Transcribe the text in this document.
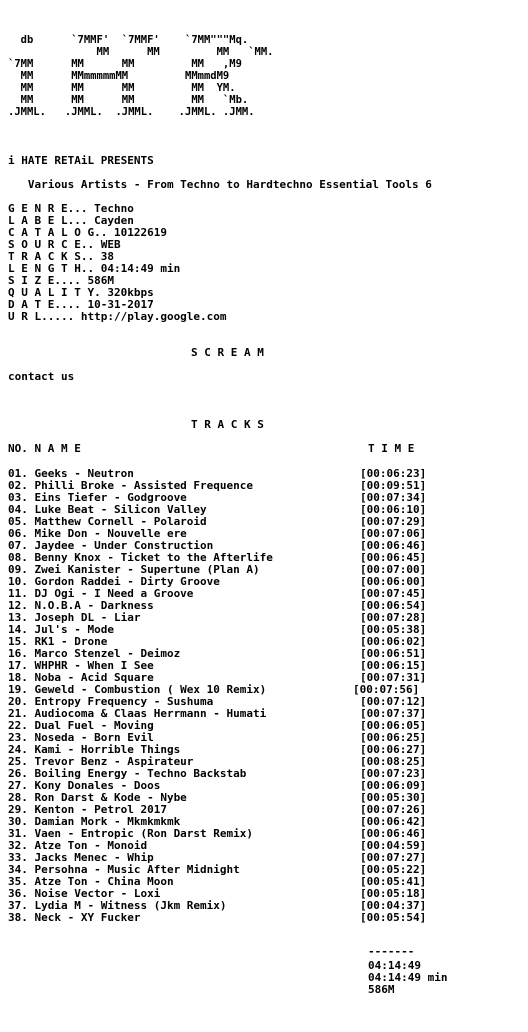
db      `7MMF'  `7MMF'    `7MM"""Mq.
MM      MM         MM   `MM.
`7MM      MM      MM         MM   ,M9
MM      MMmmmmmMM         MMmmdM9
MM      MM      MM         MM  YM.
MM      MM      MM         MM   `Mb.
.JMML.   .JMML.  .JMML.    .JMML. .JMM.
i HATE RETAiL PRESENTS
Various Artists - From Techno to Hardtechno Essential Tools 6
G E N R E... Techno
L A B E L... Cayden
C A T A L O G.. 10122619
S O U R C E.. WEB
T R A C K S.. 38
L E N G T H.. 04:14:49 min
S I Z E.... 586M
Q U A L I T Y. 320kbps
D A T E.... 10-31-2017
U R L..... http://play.google.com
S C R E A M
contact us
T R A C K S
NO. N A M E	T I M E
01. Geeks - Neutron	[00:06:23]
02. Philli Broke - Assisted Frequence	[00:09:51]
03. Eins Tiefer - Godgroove	[00:07:34]
04. Luke Beat - Silicon Valley	[00:06:10]
05. Matthew Cornell - Polaroid	[00:07:29]
06. Mike Don - Nouvelle ere	[00:07:06]
07. Jaydee - Under Construction	[00:06:46]
08. Benny Knox - Ticket to the Afterlife	[00:06:45]
09. Zwei Kanister - Supertune (Plan A)	[00:07:00]
10. Gordon Raddei - Dirty Groove	[00:06:00]
11. DJ Ogi - I Need a Groove	[00:07:45]
12. N.O.B.A - Darkness	[00:06:54]
13. Joseph DL - Liar	[00:07:28]
14. Jul's - Mode	[00:05:38]
15. RK1 - Drone	[00:06:02]
16. Marco Stenzel - Deimoz	[00:06:51]
17. WHPHR - When I See	[00:06:15]
18. Noba - Acid Square	[00:07:31]
19. Geweld - Combustion ( Wex 10 Remix)	[00:07:56]
20. Entropy Frequency - Sushuma	[00:07:12]
21. Audiocoma & Claas Herrmann - Humati	[00:07:37]
22. Dual Fuel - Moving	[00:06:05]
23. Noseda - Born Evil	[00:06:25]
24. Kami - Horrible Things	[00:06:27]
25. Trevor Benz - Aspirateur	[00:08:25]
26. Boiling Energy - Techno Backstab	[00:07:23]
27. Kony Donales - Doos	[00:06:09]
28. Ron Darst & Kode - Nybe	[00:05:30]
29. Kenton - Petrol 2017	[00:07:26]
30. Damian Mork - Mkmkmkmk	[00:06:42]
31. Vaen - Entropic (Ron Darst Remix)	[00:06:46]
32. Atze Ton - Monoid	[00:04:59]
33. Jacks Menec - Whip	[00:07:27]
34. Persohna - Music After Midnight	[00:05:22]
35. Atze Ton - China Moon	[00:05:41]
36. Noise Vector - Loxi	[00:05:18]
37. Lydia M - Witness (Jkm Remix)	[00:04:37]
38. Neck - XY Fucker	[00:05:54]
-------
04:14:49
04:14:49 min
586M
